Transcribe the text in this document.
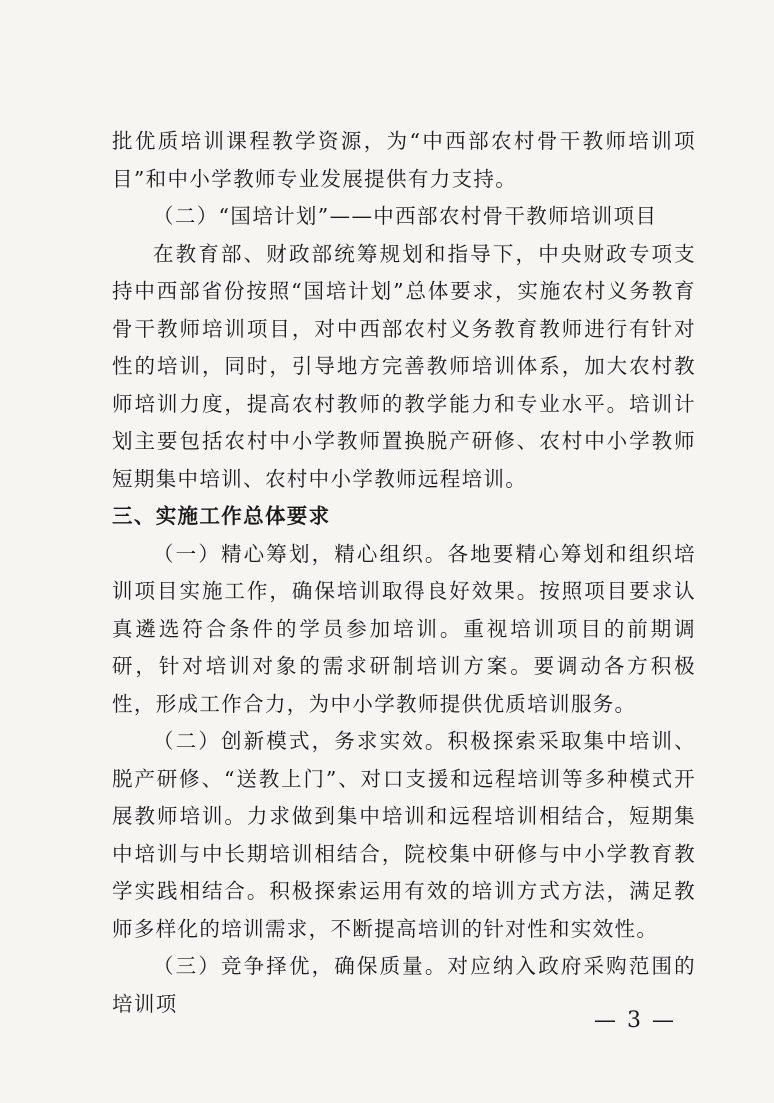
批优质培训课程教学资源，为“中西部农村骨干教师培训项目”和中小学教师专业发展提供有力支持。

（二）“国培计划”——中西部农村骨干教师培训项目

在教育部、财政部统筹规划和指导下，中央财政专项支持中西部省份按照“国培计划”总体要求，实施农村义务教育骨干教师培训项目，对中西部农村义务教育教师进行有针对性的培训，同时，引导地方完善教师培训体系，加大农村教师培训力度，提高农村教师的教学能力和专业水平。培训计划主要包括农村中小学教师置换脱产研修、农村中小学教师短期集中培训、农村中小学教师远程培训。

三、实施工作总体要求

（一）精心筹划，精心组织。各地要精心筹划和组织培训项目实施工作，确保培训取得良好效果。按照项目要求认真遴选符合条件的学员参加培训。重视培训项目的前期调研，针对培训对象的需求研制培训方案。要调动各方积极性，形成工作合力，为中小学教师提供优质培训服务。

（二）创新模式，务求实效。积极探索采取集中培训、脱产研修、“送教上门”、对口支援和远程培训等多种模式开展教师培训。力求做到集中培训和远程培训相结合，短期集中培训与中长期培训相结合，院校集中研修与中小学教育教学实践相结合。积极探索运用有效的培训方式方法，满足教师多样化的培训需求，不断提高培训的针对性和实效性。

（三）竞争择优，确保质量。对应纳入政府采购范围的培训项

— 3 —
